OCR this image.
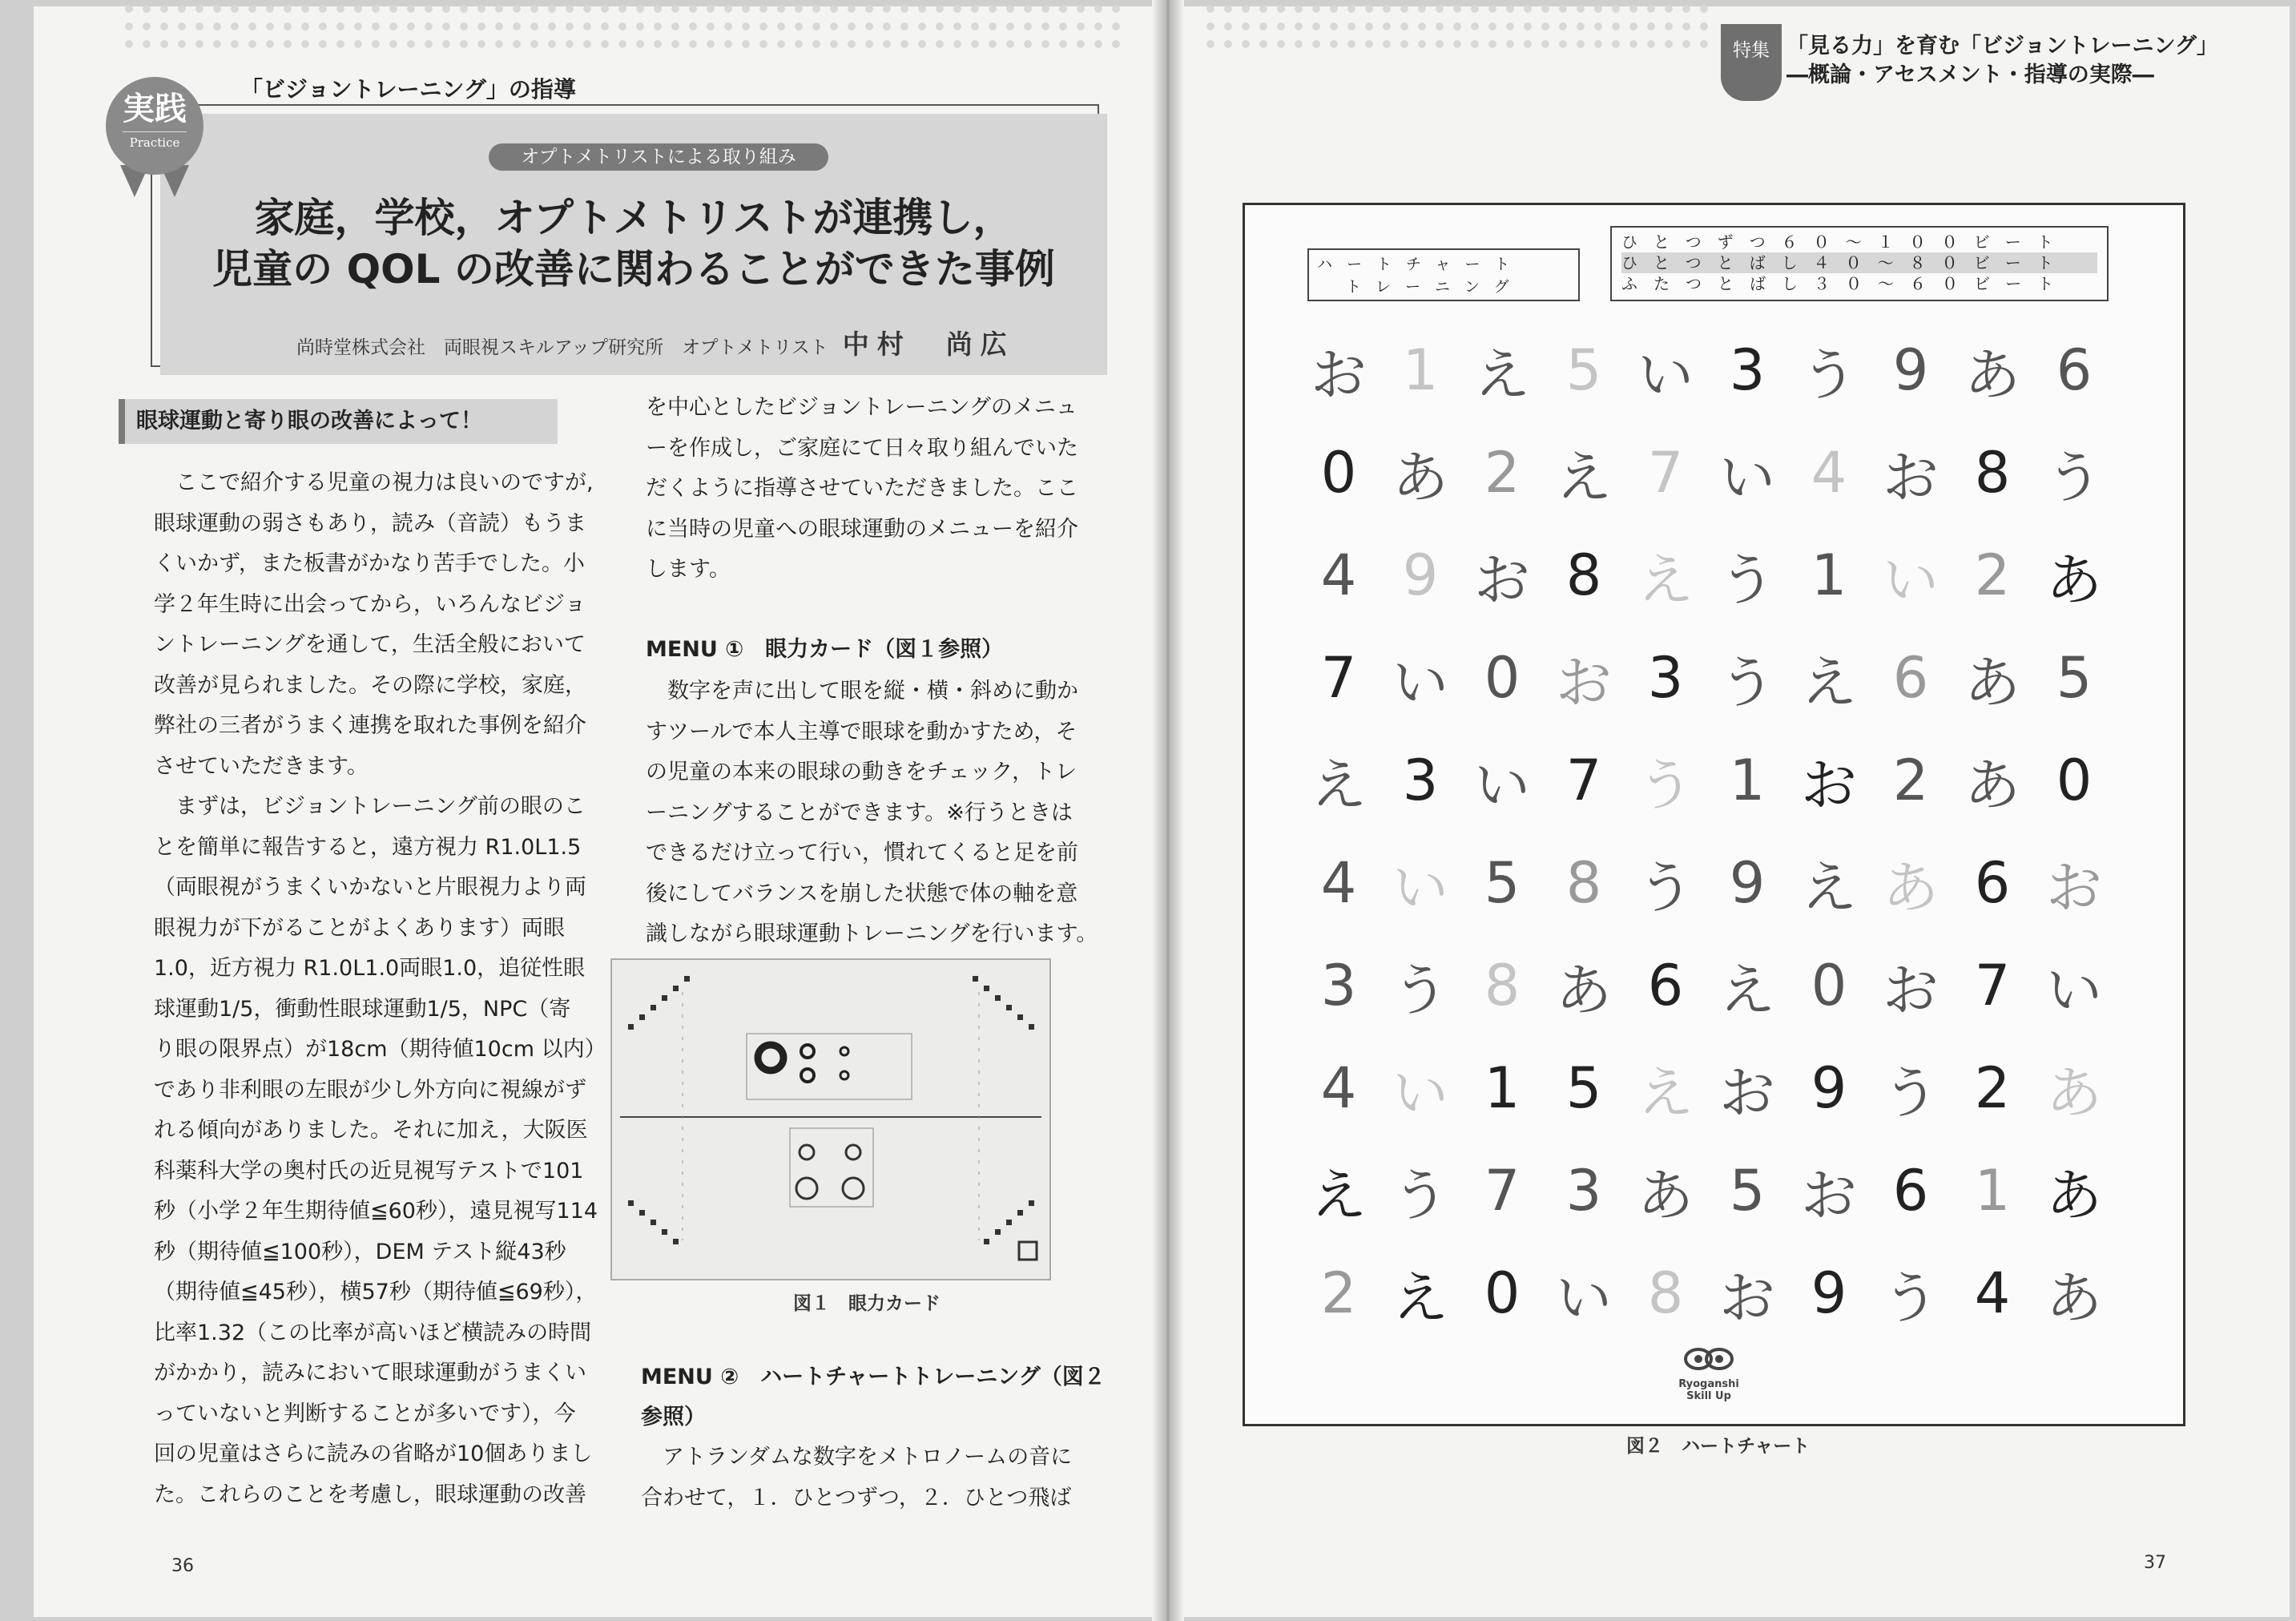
実践
Practice
「ビジョントレーニング」の指導
オプトメトリストによる取り組み
家庭，学校，オプトメトリストが連携し，
児童の QOL の改善に関わることができた事例
尚時堂株式会社　両眼視スキルアップ研究所　オプトメトリスト 中村　尚広
眼球運動と寄り眼の改善によって！

　ここで紹介する児童の視力は良いのですが,

眼球運動の弱さもあり，読み（音読）もうま

くいかず，また板書がかなり苦手でした。小

学２年生時に出会ってから，いろんなビジョ

ントレーニングを通して，生活全般において

改善が見られました。その際に学校，家庭，

弊社の三者がうまく連携を取れた事例を紹介

させていただきます。

　まずは，ビジョントレーニング前の眼のこ

とを簡単に報告すると，遠方視力 R1.0L1.5

（両眼視がうまくいかないと片眼視力より両

眼視力が下がることがよくあります）両眼

1.0，近方視力 R1.0L1.0両眼1.0，追従性眼

球運動1/5，衝動性眼球運動1/5，NPC（寄

り眼の限界点）が18cm（期待値10cm 以内）

であり非利眼の左眼が少し外方向に視線がず

れる傾向がありました。それに加え，大阪医

科薬科大学の奥村氏の近見視写テストで101

秒（小学２年生期待値≦60秒），遠見視写114

秒（期待値≦100秒），DEM テスト縦43秒

（期待値≦45秒），横57秒（期待値≦69秒），

比率1.32（この比率が高いほど横読みの時間

がかかり，読みにおいて眼球運動がうまくい

っていないと判断することが多いです），今

回の児童はさらに読みの省略が10個ありまし

た。これらのことを考慮し，眼球運動の改善

を中心としたビジョントレーニングのメニュ

ーを作成し，ご家庭にて日々取り組んでいた

だくように指導させていただきました。ここ

に当時の児童への眼球運動のメニューを紹介

します。

MENU ①　眼力カード（図１参照）

　数字を声に出して眼を縦・横・斜めに動か

すツールで本人主導で眼球を動かすため，そ

の児童の本来の眼球の動きをチェック，トレ

ーニングすることができます。※行うときは

できるだけ立って行い，慣れてくると足を前

後にしてバランスを崩した状態で体の軸を意

識しながら眼球運動トレーニングを行います。

図１　眼力カード
MENU ②　ハートチャートトレーニング（図２
参照）

　アトランダムな数字をメトロノームの音に

合わせて，１．ひとつずつ，２．ひとつ飛ば

36
特集 「見る力」を育む「ビジョントレーニング」
―概論・アセスメント・指導の実際―
ハートチャート
トレーニング
ひとつずつ６０～１００ビート
ひとつとばし４０～８０ビート
ふたつとばし３０～６０ビート
お 1 え 5 い 3 う 9 あ 6
0 あ 2 え 7 い 4 お 8 う
4 9 お 8 え う 1 い 2 あ
7 い 0 お 3 う え 6 あ 5
え 3 い 7 う 1 お 2 あ 0
4 い 5 8 う 9 え あ 6 お
3 う 8 あ 6 え 0 お 7 い
4 い 1 5 え お 9 う 2 あ
え う 7 3 あ 5 お 6 1 あ
2 え 0 い 8 お 9 う 4 あ
Ryoganshi Skill Up
図２　ハートチャート
37
